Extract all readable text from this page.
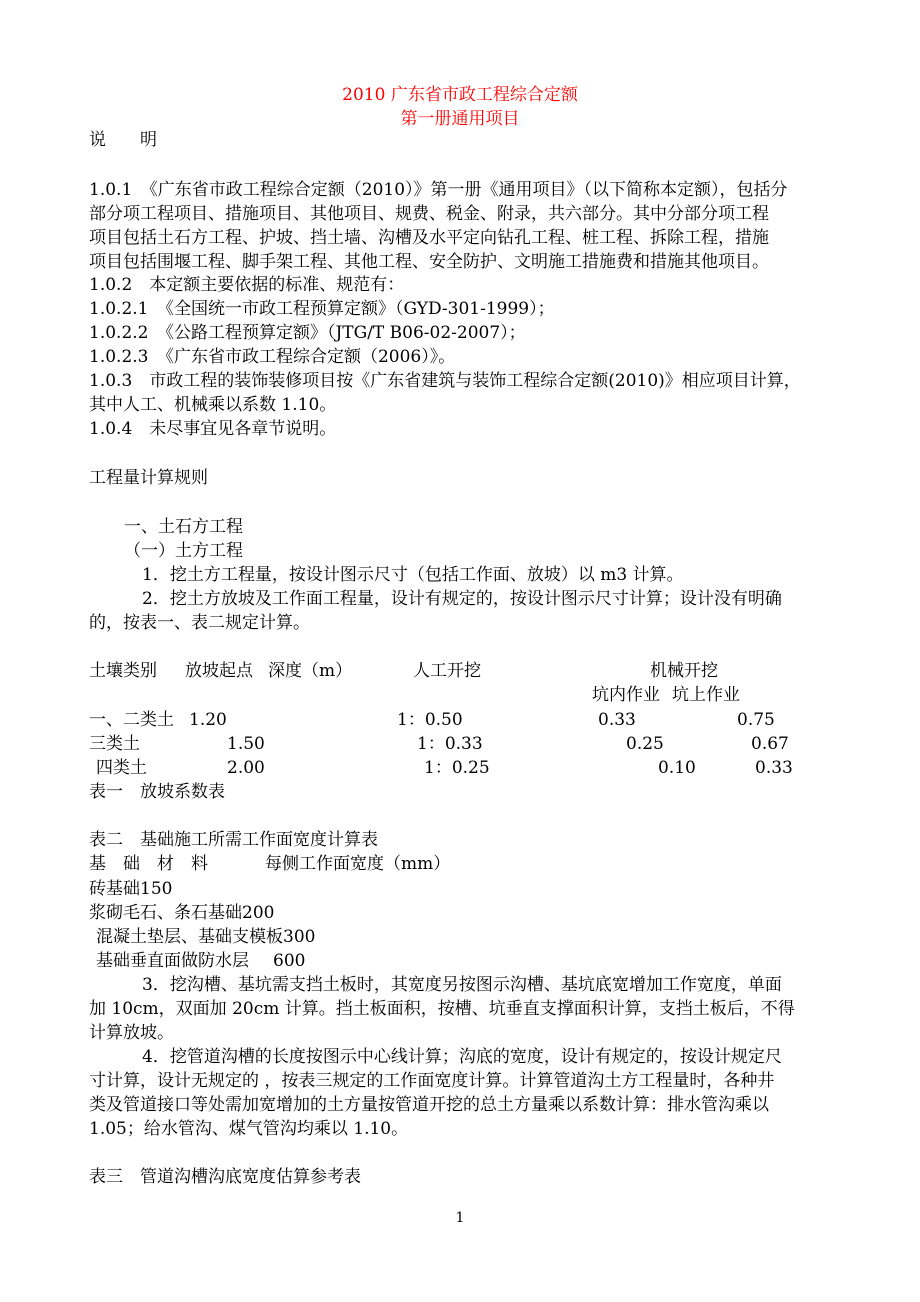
2010 广东省市政工程综合定额
第一册通用项目
说　　明
1.0.1　《广东省市政工程综合定额（2010）》第一册《通用项目》（以下简称本定额），包括分
部分项工程项目、措施项目、其他项目、规费、税金、附录，共六部分。其中分部分项工程
项目包括土石方工程、护坡、挡土墙、沟槽及水平定向钻孔工程、桩工程、拆除工程，措施
项目包括围堰工程、脚手架工程、其他工程、安全防护、文明施工措施费和措施其他项目。
1.0.2　本定额主要依据的标准、规范有：
1.0.2.1　《全国统一市政工程预算定额》（GYD-301-1999）；
1.0.2.2　《公路工程预算定额》（JTG/T B06-02-2007）；
1.0.2.3　《广东省市政工程综合定额（2006）》。
1.0.3　市政工程的装饰装修项目按《广东省建筑与装饰工程综合定额(2010)》相应项目计算，
其中人工、机械乘以系数 1.10。
1.0.4　未尽事宜见各章节说明。
工程量计算规则
一、土石方工程
（一）土方工程
1．挖土方工程量，按设计图示尺寸（包括工作面、放坡）以 m3 计算。
2．挖土方放坡及工作面工程量，设计有规定的，按设计图示尺寸计算；设计没有明确
的，按表一、表二规定计算。
土壤类别 放坡起点 深度（m）	人工开挖	机械开挖
坑内作业 坑上作业
一、二类土 1.20	1：0.50	0.33	0.75
三类土	1.50	1：0.33	0.25	0.67
四类土	2.00	1：0.25	0.10	0.33
表一　放坡系数表
表二　基础施工所需工作面宽度计算表
基　础　材　料	每侧工作面宽度（mm）
砖基础150
浆砌毛石、条石基础200
混凝土垫层、基础支模板300
基础垂直面做防水层 600
3．挖沟槽、基坑需支挡土板时，其宽度另按图示沟槽、基坑底宽增加工作宽度，单面
加 10cm，双面加 20cm 计算。挡土板面积，按槽、坑垂直支撑面积计算，支挡土板后，不得
计算放坡。
4．挖管道沟槽的长度按图示中心线计算；沟底的宽度，设计有规定的，按设计规定尺
寸计算，设计无规定的 ，按表三规定的工作面宽度计算。计算管道沟土方工程量时，各种井
类及管道接口等处需加宽增加的土方量按管道开挖的总土方量乘以系数计算：排水管沟乘以
1.05；给水管沟、煤气管沟均乘以 1.10。
表三　管道沟槽沟底宽度估算参考表
1
